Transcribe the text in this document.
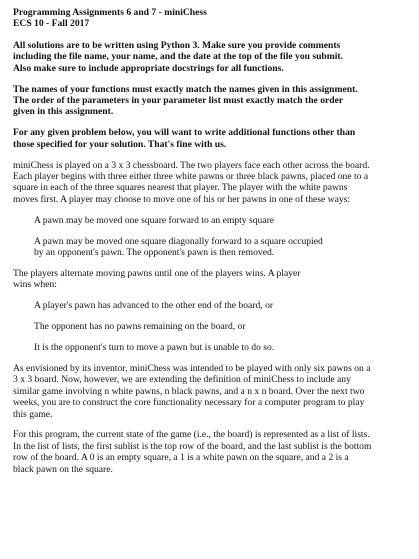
Programming Assignments 6 and 7 - miniChess
ECS 10 - Fall 2017

All solutions are to be written using Python 3. Make sure you provide comments
including the file name, your name, and the date at the top of the file you submit.
Also make sure to include appropriate docstrings for all functions.

The names of your functions must exactly match the names given in this assignment.
The order of the parameters in your parameter list must exactly match the order
given in this assignment.

For any given problem below, you will want to write additional functions other than
those specified for your solution. That's fine with us.

miniChess is played on a 3 x 3 chessboard. The two players face each other across the board.
Each player begins with three either three white pawns or three black pawns, placed one to a
square in each of the three squares nearest that player. The player with the white pawns
moves first. A player may choose to move one of his or her pawns in one of these ways:

A pawn may be moved one square forward to an empty square

A pawn may be moved one square diagonally forward to a square occupied
by an opponent's pawn. The opponent's pawn is then removed.

The players alternate moving pawns until one of the players wins. A player
wins when:

A player's pawn has advanced to the other end of the board, or

The opponent has no pawns remaining on the board, or

It is the opponent's turn to move a pawn but is unable to do so.

As envisioned by its inventor, miniChess was intended to be played with only six pawns on a
3 x 3 board. Now, however, we are extending the definition of miniChess to include any
similar game involving n white pawns, n black pawns, and a n x n board. Over the next two
weeks, you are to construct the core functionality necessary for a computer program to play
this game.

For this program, the current state of the game (i.e., the board) is represented as a list of lists.
In the list of lists, the first sublist is the top row of the board, and the last sublist is the bottom
row of the board. A 0 is an empty square, a 1 is a white pawn on the square, and a 2 is a
black pawn on the square.
